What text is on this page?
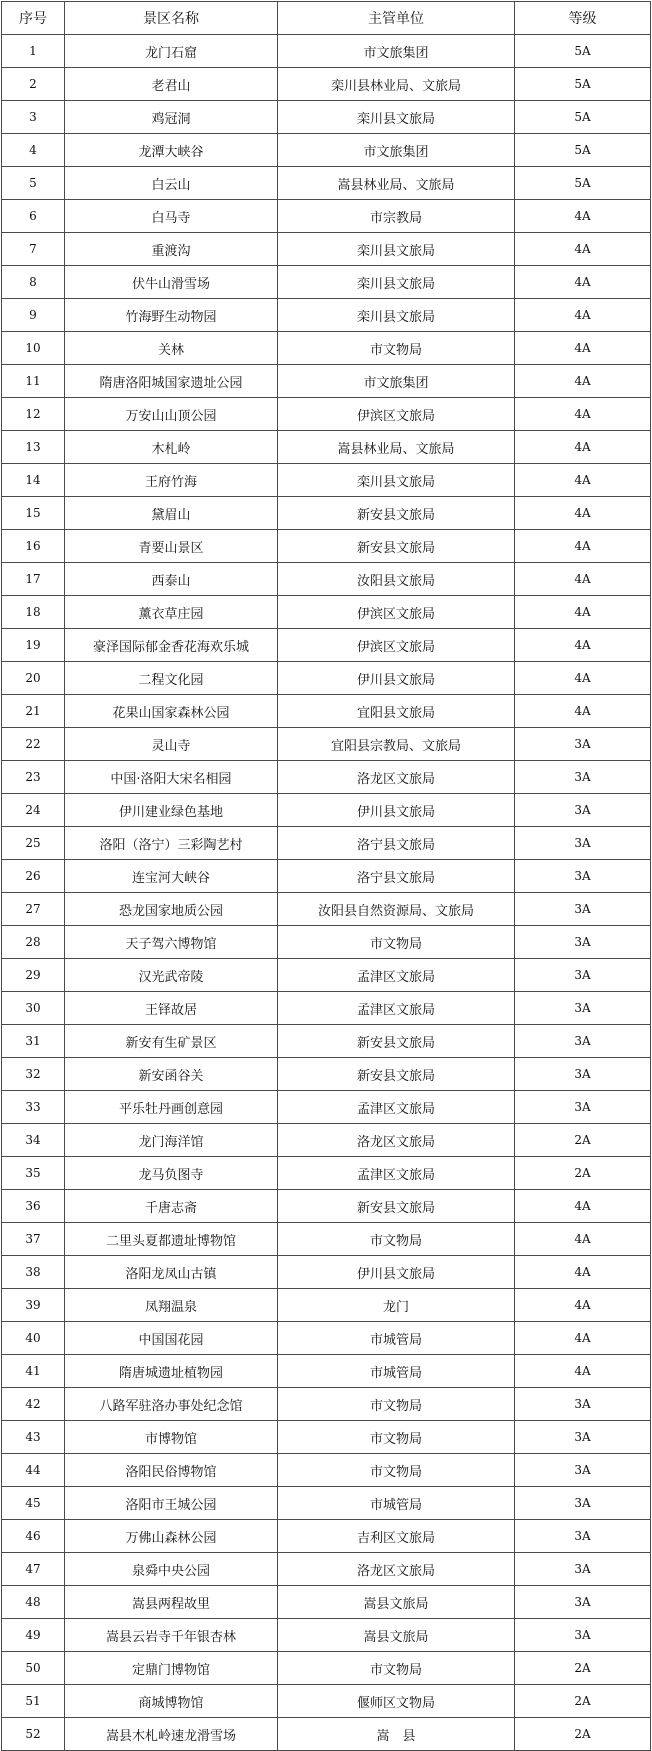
序号	景区名称	主管单位	等级
1	龙门石窟	市文旅集团	5A
2	老君山	栾川县林业局、文旅局	5A
3	鸡冠洞	栾川县文旅局	5A
4	龙潭大峡谷	市文旅集团	5A
5	白云山	嵩县林业局、文旅局	5A
6	白马寺	市宗教局	4A
7	重渡沟	栾川县文旅局	4A
8	伏牛山滑雪场	栾川县文旅局	4A
9	竹海野生动物园	栾川县文旅局	4A
10	关林	市文物局	4A
11	隋唐洛阳城国家遗址公园	市文旅集团	4A
12	万安山山顶公园	伊滨区文旅局	4A
13	木札岭	嵩县林业局、文旅局	4A
14	王府竹海	栾川县文旅局	4A
15	黛眉山	新安县文旅局	4A
16	青要山景区	新安县文旅局	4A
17	西泰山	汝阳县文旅局	4A
18	薰衣草庄园	伊滨区文旅局	4A
19	豪泽国际郁金香花海欢乐城	伊滨区文旅局	4A
20	二程文化园	伊川县文旅局	4A
21	花果山国家森林公园	宜阳县文旅局	4A
22	灵山寺	宜阳县宗教局、文旅局	3A
23	中国·洛阳大宋名相园	洛龙区文旅局	3A
24	伊川建业绿色基地	伊川县文旅局	3A
25	洛阳（洛宁）三彩陶艺村	洛宁县文旅局	3A
26	连宝河大峡谷	洛宁县文旅局	3A
27	恐龙国家地质公园	汝阳县自然资源局、文旅局	3A
28	天子驾六博物馆	市文物局	3A
29	汉光武帝陵	孟津区文旅局	3A
30	王铎故居	孟津区文旅局	3A
31	新安有生矿景区	新安县文旅局	3A
32	新安函谷关	新安县文旅局	3A
33	平乐牡丹画创意园	孟津区文旅局	3A
34	龙门海洋馆	洛龙区文旅局	2A
35	龙马负图寺	孟津区文旅局	2A
36	千唐志斋	新安县文旅局	4A
37	二里头夏都遗址博物馆	市文物局	4A
38	洛阳龙凤山古镇	伊川县文旅局	4A
39	凤翔温泉	龙门	4A
40	中国国花园	市城管局	4A
41	隋唐城遗址植物园	市城管局	4A
42	八路军驻洛办事处纪念馆	市文物局	3A
43	市博物馆	市文物局	3A
44	洛阳民俗博物馆	市文物局	3A
45	洛阳市王城公园	市城管局	3A
46	万佛山森林公园	吉利区文旅局	3A
47	泉舜中央公园	洛龙区文旅局	3A
48	嵩县两程故里	嵩县文旅局	3A
49	嵩县云岩寺千年银杏林	嵩县文旅局	3A
50	定鼎门博物馆	市文物局	2A
51	商城博物馆	偃师区文物局	2A
52	嵩县木札岭速龙滑雪场	嵩　县	2A
